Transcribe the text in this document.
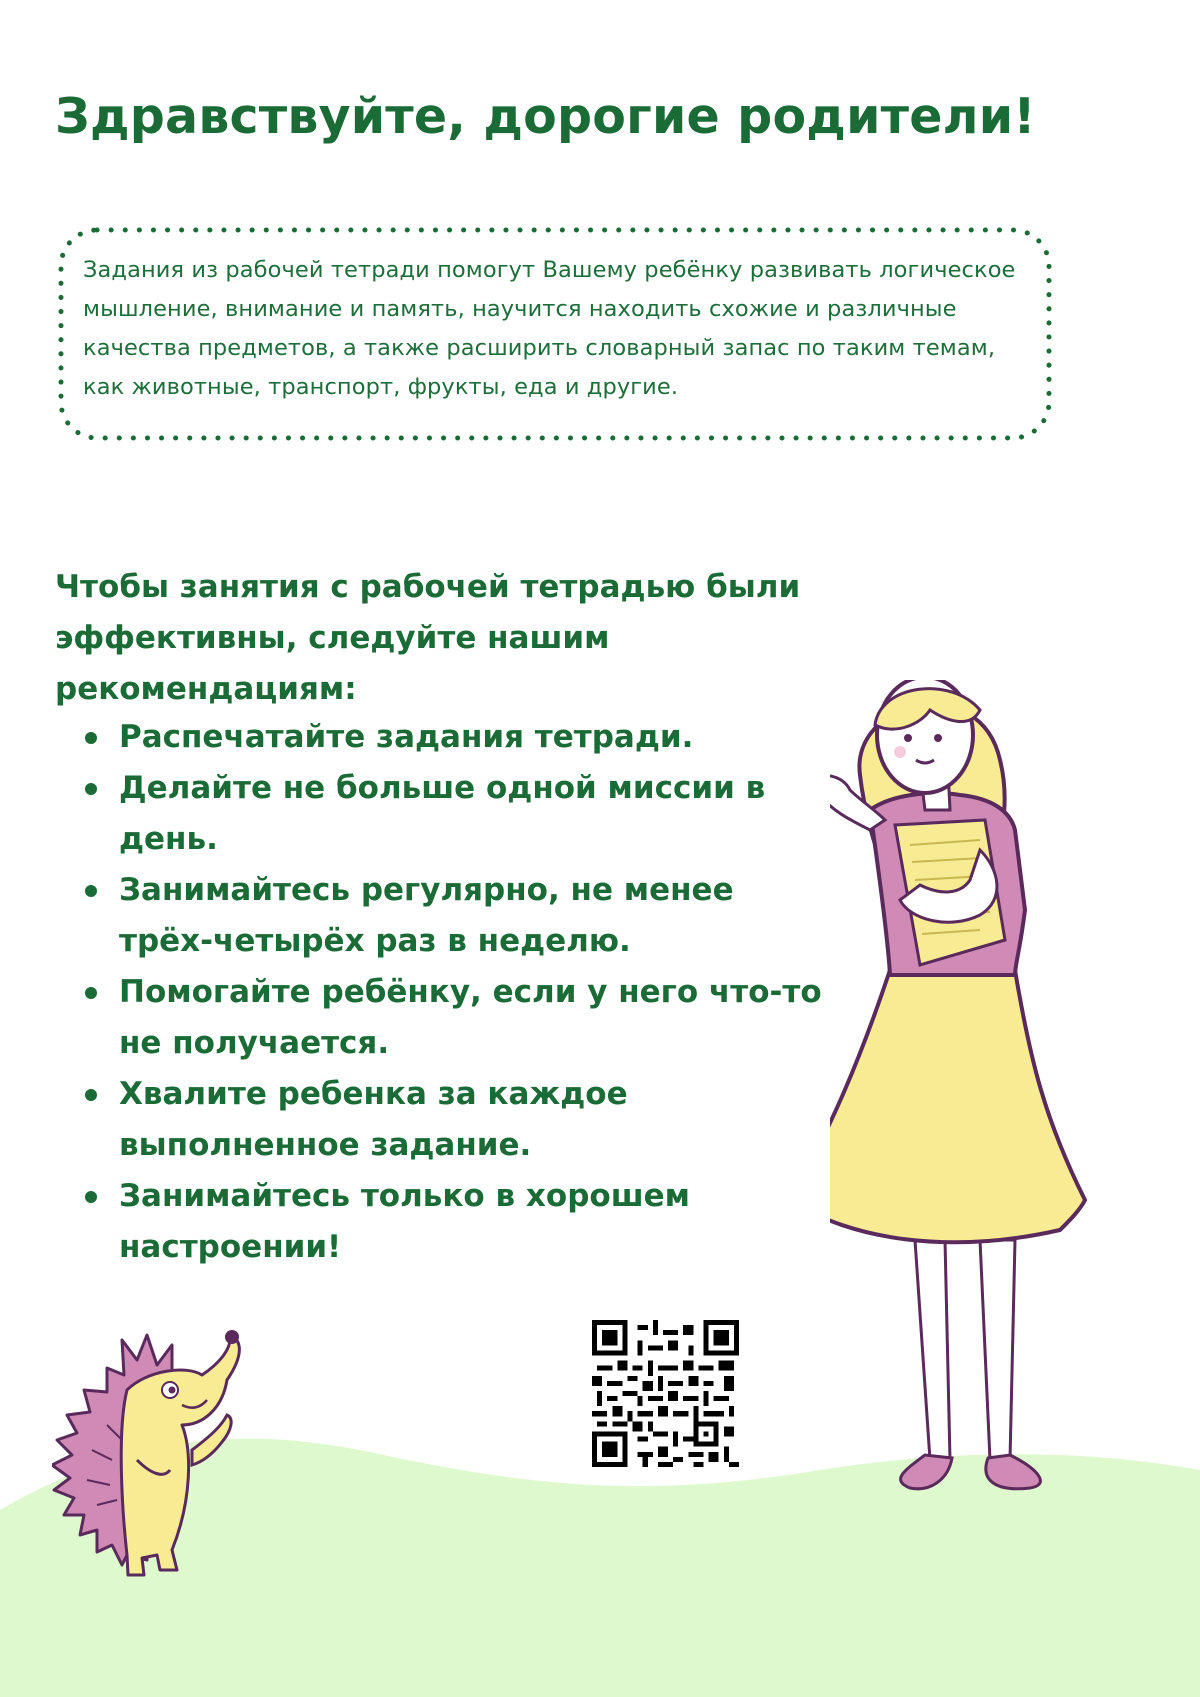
Здравствуйте, дорогие родители!

Задания из рабочей тетради помогут Вашему ребёнку развивать логическое мышление, внимание и память, научится находить схожие и различные качества предметов, а также расширить словарный запас по таким темам, как животные, транспорт, фрукты, еда и другие.

Чтобы занятия с рабочей тетрадью были эффективны, следуйте нашим рекомендациям:

Распечатайте задания тетради.
Делайте не больше одной миссии в день.
Занимайтесь регулярно, не менее трёх-четырёх раз в неделю.
Помогайте ребёнку, если у него что-то не получается.
Хвалите ребенка за каждое выполненное задание.
Занимайтесь только в хорошем настроении!
